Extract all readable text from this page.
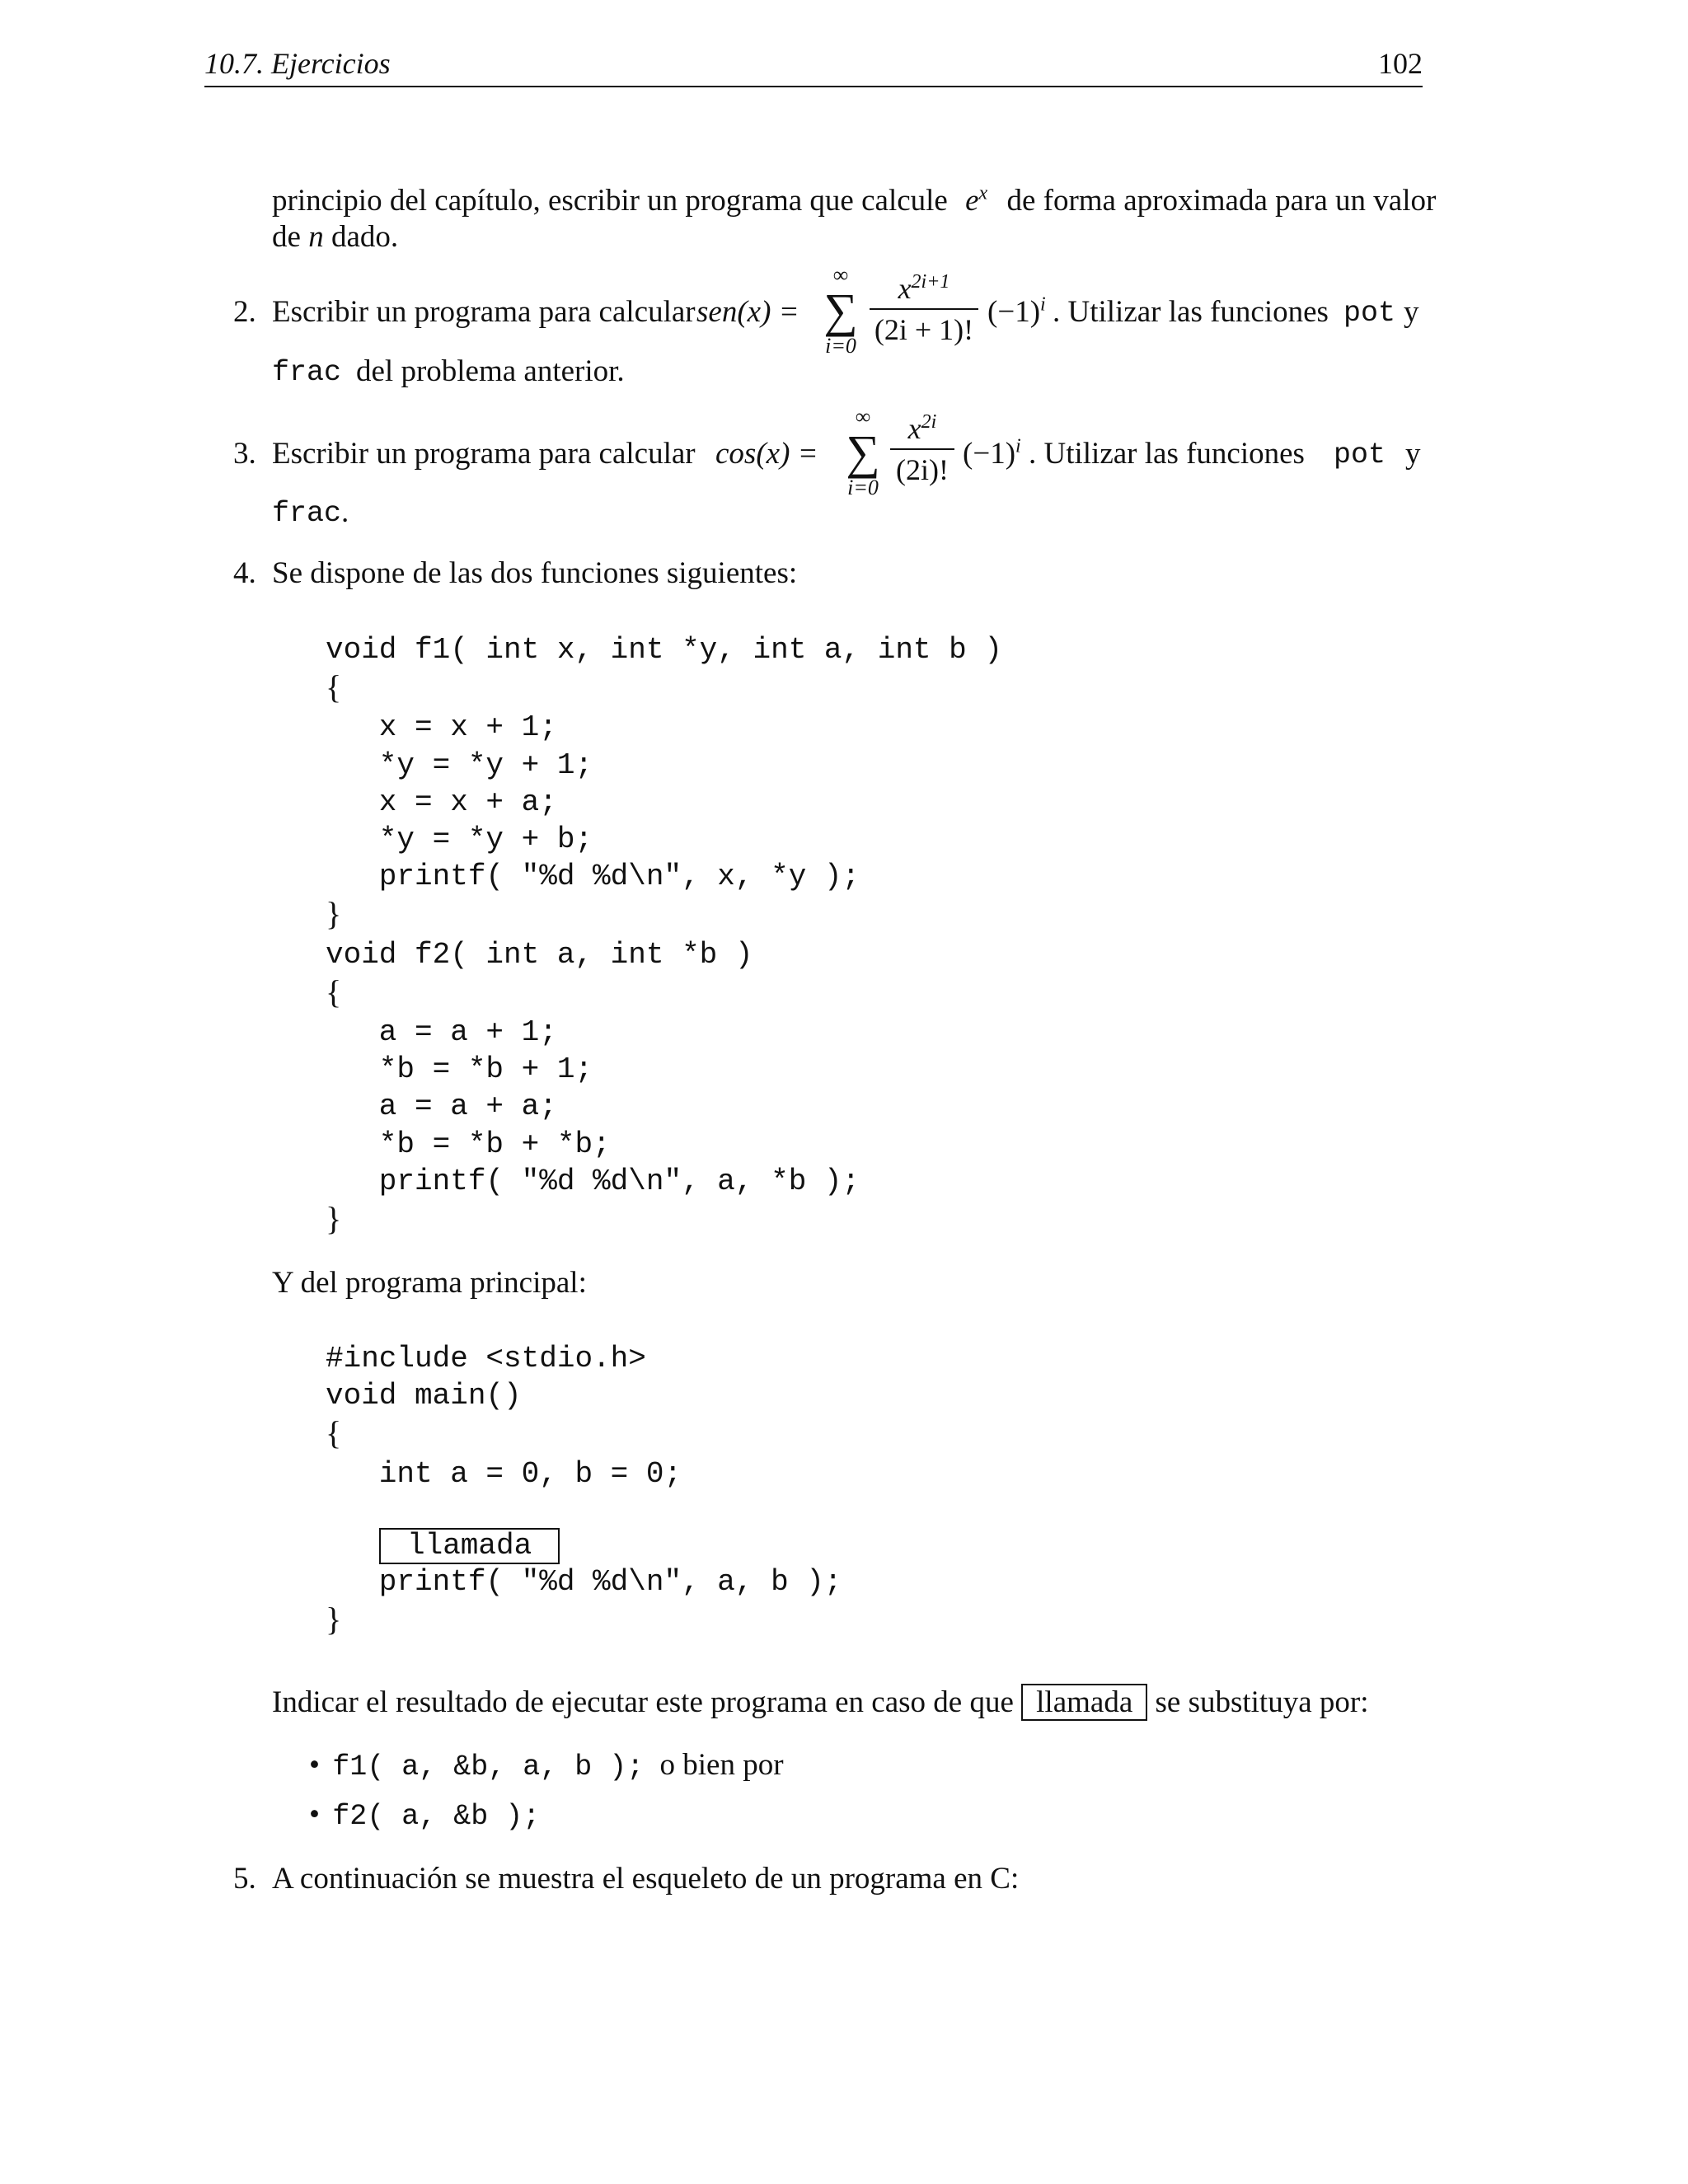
10.7. Ejercicios	102
principio del capítulo, escribir un programa que calcule $e^x$ de forma aproximada para un valor
de n dado.
2. Escribir un programa para calcular sen(x) =
∞
∑
i=0
$x^{2i+1}$
(2i + 1)!
$(-1)^i$ . Utilizar las funciones pot y
frac del problema anterior.
3. Escribir un programa para calcular cos(x) =
∞
∑
i=0
$x^{2i}$
(2i)! $(-1)^i$ . Utilizar las funciones pot y
frac .
4. Se dispone de las dos funciones siguientes:
void f1( int x, int *y, int a, int b )
{
x = x + 1;
*y = *y + 1;
x = x + a;
*y = *y + b;
printf( "%d %d\n", x, *y );
}
void f2( int a, int *b )
{
a = a + 1;
*b = *b + 1;
a = a + a;
*b = *b + *b;
printf( "%d %d\n", a, *b );
}

Y del programa principal:
#include <stdio.h>
void main()
{
int a = 0, b = 0;

llamada
printf( "%d %d\n", a, b );
}

Indicar el resultado de ejecutar este programa en caso de que llamada se substituya por:
• f1( a, &b, a, b ); o bien por
• f2( a, &b );
5. A continuación se muestra el esqueleto de un programa en C:
